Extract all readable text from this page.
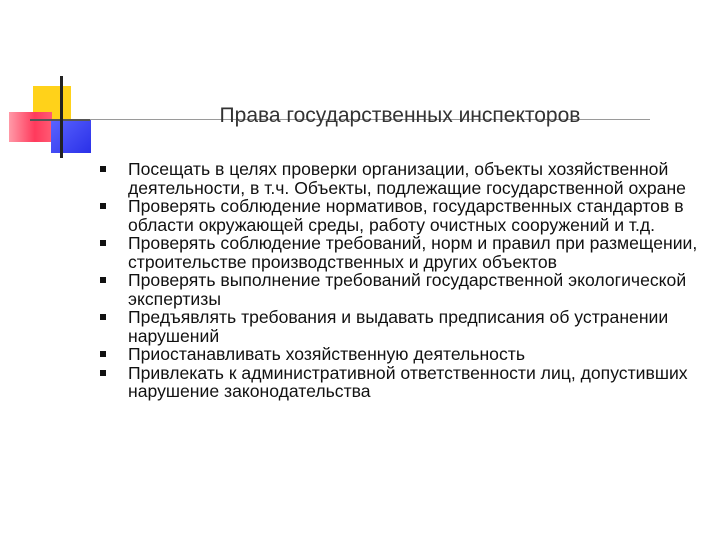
Права государственных инспекторов
Посещать в целях проверки организации, объекты хозяйственной деятельности, в т.ч. Объекты, подлежащие государственной охране
Проверять соблюдение нормативов, государственных стандартов в области окружающей среды, работу очистных сооружений и т.д.
Проверять соблюдение требований, норм и правил при размещении, строительстве производственных и других объектов
Проверять выполнение требований государственной экологической экспертизы
Предъявлять требования и выдавать предписания об устранении нарушений
Приостанавливать хозяйственную деятельность
Привлекать к административной ответственности лиц, допустивших нарушение законодательства
